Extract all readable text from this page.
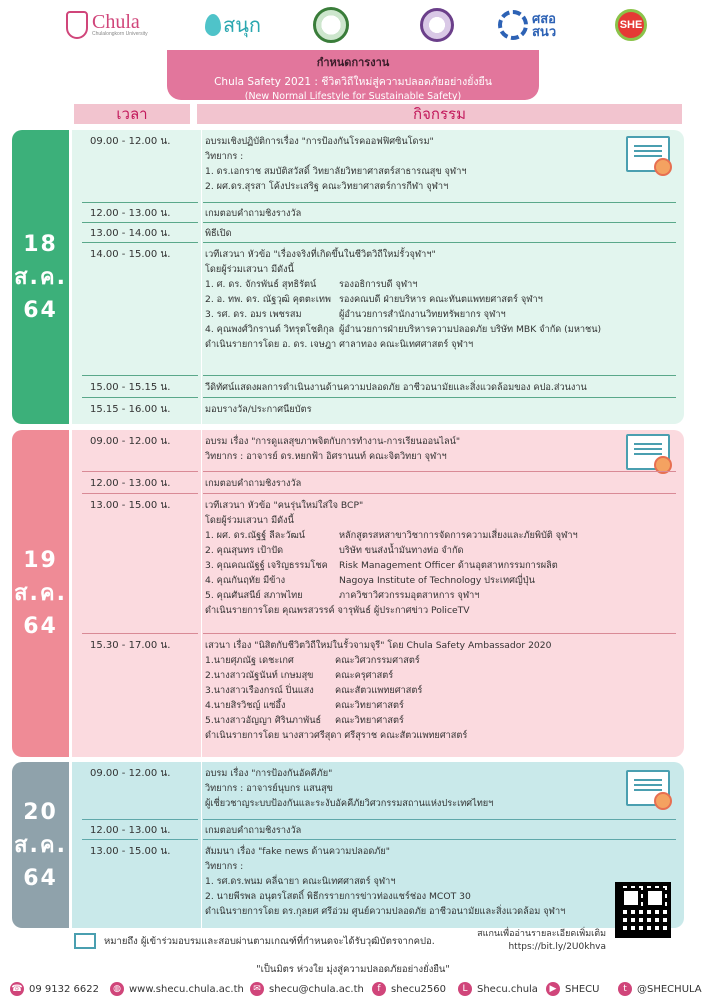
Chula
Chulalongkorn University	สนุก	ศสอ
สนว	SHE
กำหนดการงาน
Chula Safety 2021 : ชีวิตวิถีใหม่สู่ความปลอดภัยอย่างยั่งยืน
(New Normal Lifestyle for Sustainable Safety)
เวลา	กิจกรรม
18
ส.ค.
64
09.00 - 12.00 น.	อบรมเชิงปฏิบัติการเรื่อง "การป้องกันโรคออฟฟิศซินโดรม"
วิทยากร :
1. ดร.เอกราช สมบัติสวัสดิ์ วิทยาลัยวิทยาศาสตร์สาธารณสุข จุฬาฯ
2. ผศ.ดร.สุรสา โค้งประเสริฐ คณะวิทยาศาสตร์การกีฬา จุฬาฯ
12.00 - 13.00 น.	เกมตอบคำถามชิงรางวัล
13.00 - 14.00 น.	พิธีเปิด
14.00 - 15.00 น.	เวทีเสวนา หัวข้อ "เรื่องจริงที่เกิดขึ้นในชีวิตวิถีใหม่รั้วจุฬาฯ"
โดยผู้ร่วมเสวนา มีดังนี้
1. ศ. ดร. จักรพันธ์ สุทธิรัตน์ รองอธิการบดี จุฬาฯ
2. อ. ทพ. ดร. ณัฐวุฒิ คุตตะเทพ รองคณบดี ฝ่ายบริหาร คณะทันตแพทยศาสตร์ จุฬาฯ
3. รศ. ดร. อมร เพชรสม	ผู้อำนวยการสำนักงานวิทยทรัพยากร จุฬาฯ
4. คุณพงศ์วิกรานต์ วิทรุตโชติกุล ผู้อำนวยการฝ่ายบริหารความปลอดภัย บริษัท MBK จำกัด (มหาชน)
ดำเนินรายการโดย อ. ดร. เจษฎา ศาลาทอง คณะนิเทศศาสตร์ จุฬาฯ
15.00 - 15.15 น.	วีดิทัศน์แสดงผลการดำเนินงานด้านความปลอดภัย อาชีวอนามัยและสิ่งแวดล้อมของ คปอ.ส่วนงาน
15.15 - 16.00 น.	มอบรางวัล/ประกาศนียบัตร
19
ส.ค.
64
09.00 - 12.00 น.	อบรม เรื่อง "การดูแลสุขภาพจิตกับการทำงาน-การเรียนออนไลน์"
วิทยากร : อาจารย์ ดร.หยกฟ้า อิศรานนท์ คณะจิตวิทยา จุฬาฯ
12.00 - 13.00 น.	เกมตอบคำถามชิงรางวัล
13.00 - 15.00 น.	เวทีเสวนา หัวข้อ "คนรุ่นใหม่ใส่ใจ BCP"
โดยผู้ร่วมเสวนา มีดังนี้
1. ผศ. ดร.ณัฐฐ์ ลีละวัฒน์	หลักสูตรสหสาขาวิชาการจัดการความเสี่ยงและภัยพิบัติ จุฬาฯ
2. คุณสุนทร เป้าปัด	บริษัท ขนส่งน้ำมันทางท่อ จำกัด
3. คุณคณณัฐฐ์ เจริญธรรมโชค Risk Management Officer ด้านอุตสาหกรรมการผลิต
4. คุณกันฤทัย มีข้าง	Nagoya Institute of Technology ประเทศญี่ปุ่น
5. คุณศันสนีย์ สภาพไทย	ภาควิชาวิศวกรรมอุตสาหการ จุฬาฯ
ดำเนินรายการโดย คุณพรสวรรค์ จารุพันธ์ ผู้ประกาศข่าว PoliceTV
15.30 - 17.00 น.	เสวนา เรื่อง "นิสิตกับชีวิตวิถีใหม่ในรั้วจามจุรี" โดย Chula Safety Ambassador 2020
1.นายศุภณัฐ เดชะเกศ	คณะวิศวกรรมศาสตร์
2.นางสาวณัฐนันท์ เกษมสุข คณะครุศาสตร์
3.นางสาวเรืองกรณ์ ปิ่นแสง คณะสัตวแพทยศาสตร์
4.นายสิรวิชญ์ แซ่อึ้ง	คณะวิทยาศาสตร์
5.นางสาวอัญญา ศิรินภาพันธ์ คณะวิทยาศาสตร์
ดำเนินรายการโดย นางสาวศรีสุดา ศรีสุราช คณะสัตวแพทยศาสตร์
20
ส.ค.
64
09.00 - 12.00 น.	อบรม เรื่อง "การป้องกันอัคคีภัย"
วิทยากร : อาจารย์นุบกร แสนสุข
ผู้เชี่ยวชาญระบบป้องกันและระงับอัคคีภัยวิศวกรรมสถานแห่งประเทศไทยฯ
12.00 - 13.00 น.	เกมตอบคำถามชิงรางวัล
13.00 - 15.00 น.	สัมมนา เรื่อง "fake news ด้านความปลอดภัย"
วิทยากร :
1. รศ.ดร.พนม คลี่ฉายา คณะนิเทศศาสตร์ จุฬาฯ
2. นายพีรพล อนุตรโสตถิ์ พิธีกรรายการข่าวท่องแชร์ช่อง MCOT 30
ดำเนินรายการโดย ดร.กุลยศ ศรีอ่วม ศูนย์ความปลอดภัย อาชีวอนามัยและสิ่งแวดล้อม จุฬาฯ
หมายถึง ผู้เข้าร่วมอบรมและสอบผ่านตามเกณฑ์ที่กำหนดจะได้รับวุฒิบัตรจากคปอ.
สแกนเพื่ออ่านรายละเอียดเพิ่มเติม
https://bit.ly/2U0khva
"เป็นมิตร ห่วงใย มุ่งสู่ความปลอดภัยอย่างยั่งยืน"
☎ 09 9132 6622	◍ www.shecu.chula.ac.th	✉ shecu@chula.ac.th	f	shecu2560	L Shecu.chula	▶ SHECU	t	@SHECHULA
